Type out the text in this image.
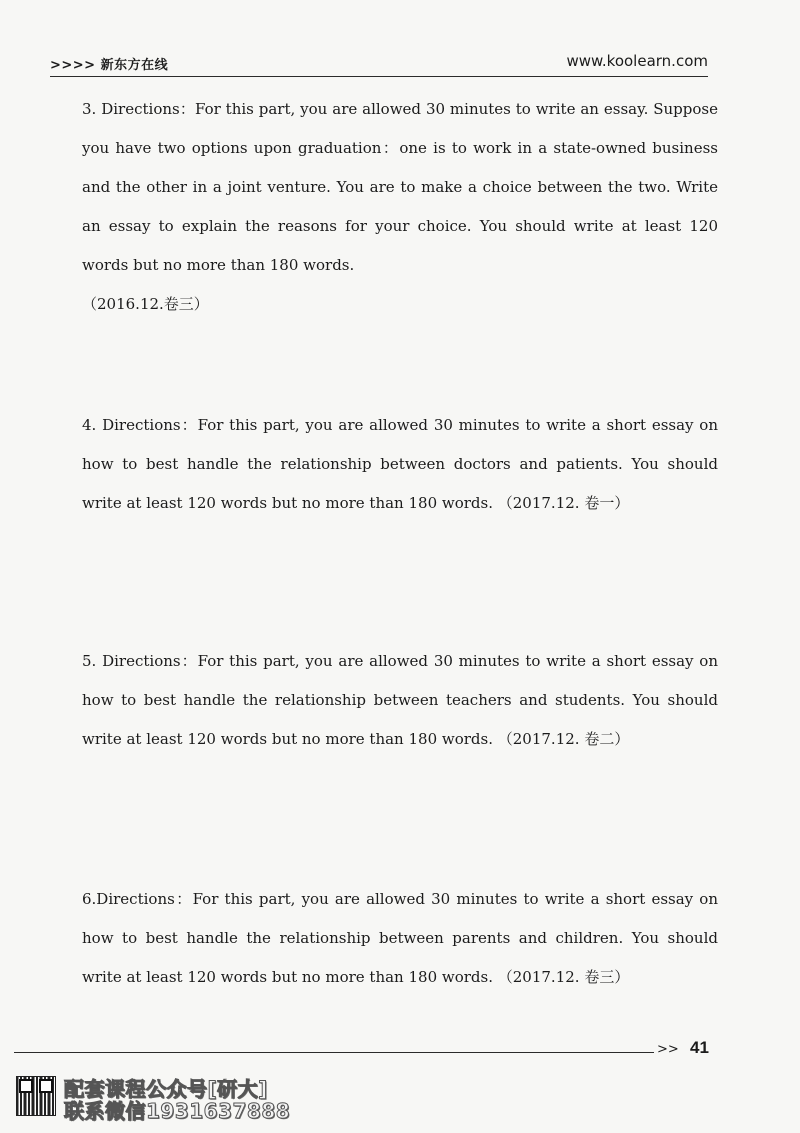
>>>> 新东方在线	www.koolearn.com

3. Directions：For this part, you are allowed 30 minutes to write an essay. Suppose you have two options upon graduation：one is to work in a state-owned business and the other in a joint venture. You are to make a choice between the two. Write an essay to explain the reasons for your choice. You should write at least 120 words but no more than 180 words.

（2016.12.卷三）

4. Directions：For this part, you are allowed 30 minutes to write a short essay on how to best handle the relationship between doctors and patients. You should write at least 120 words but no more than 180 words. （2017.12. 卷一）

5. Directions：For this part, you are allowed 30 minutes to write a short essay on how to best handle the relationship between teachers and students. You should write at least 120 words but no more than 180 words. （2017.12. 卷二）

6.Directions：For this part, you are allowed 30 minutes to write a short essay on how to best handle the relationship between parents and children. You should write at least 120 words but no more than 180 words. （2017.12. 卷三）

>> 41
配套课程公众号[研大]
联系微信1931637888
